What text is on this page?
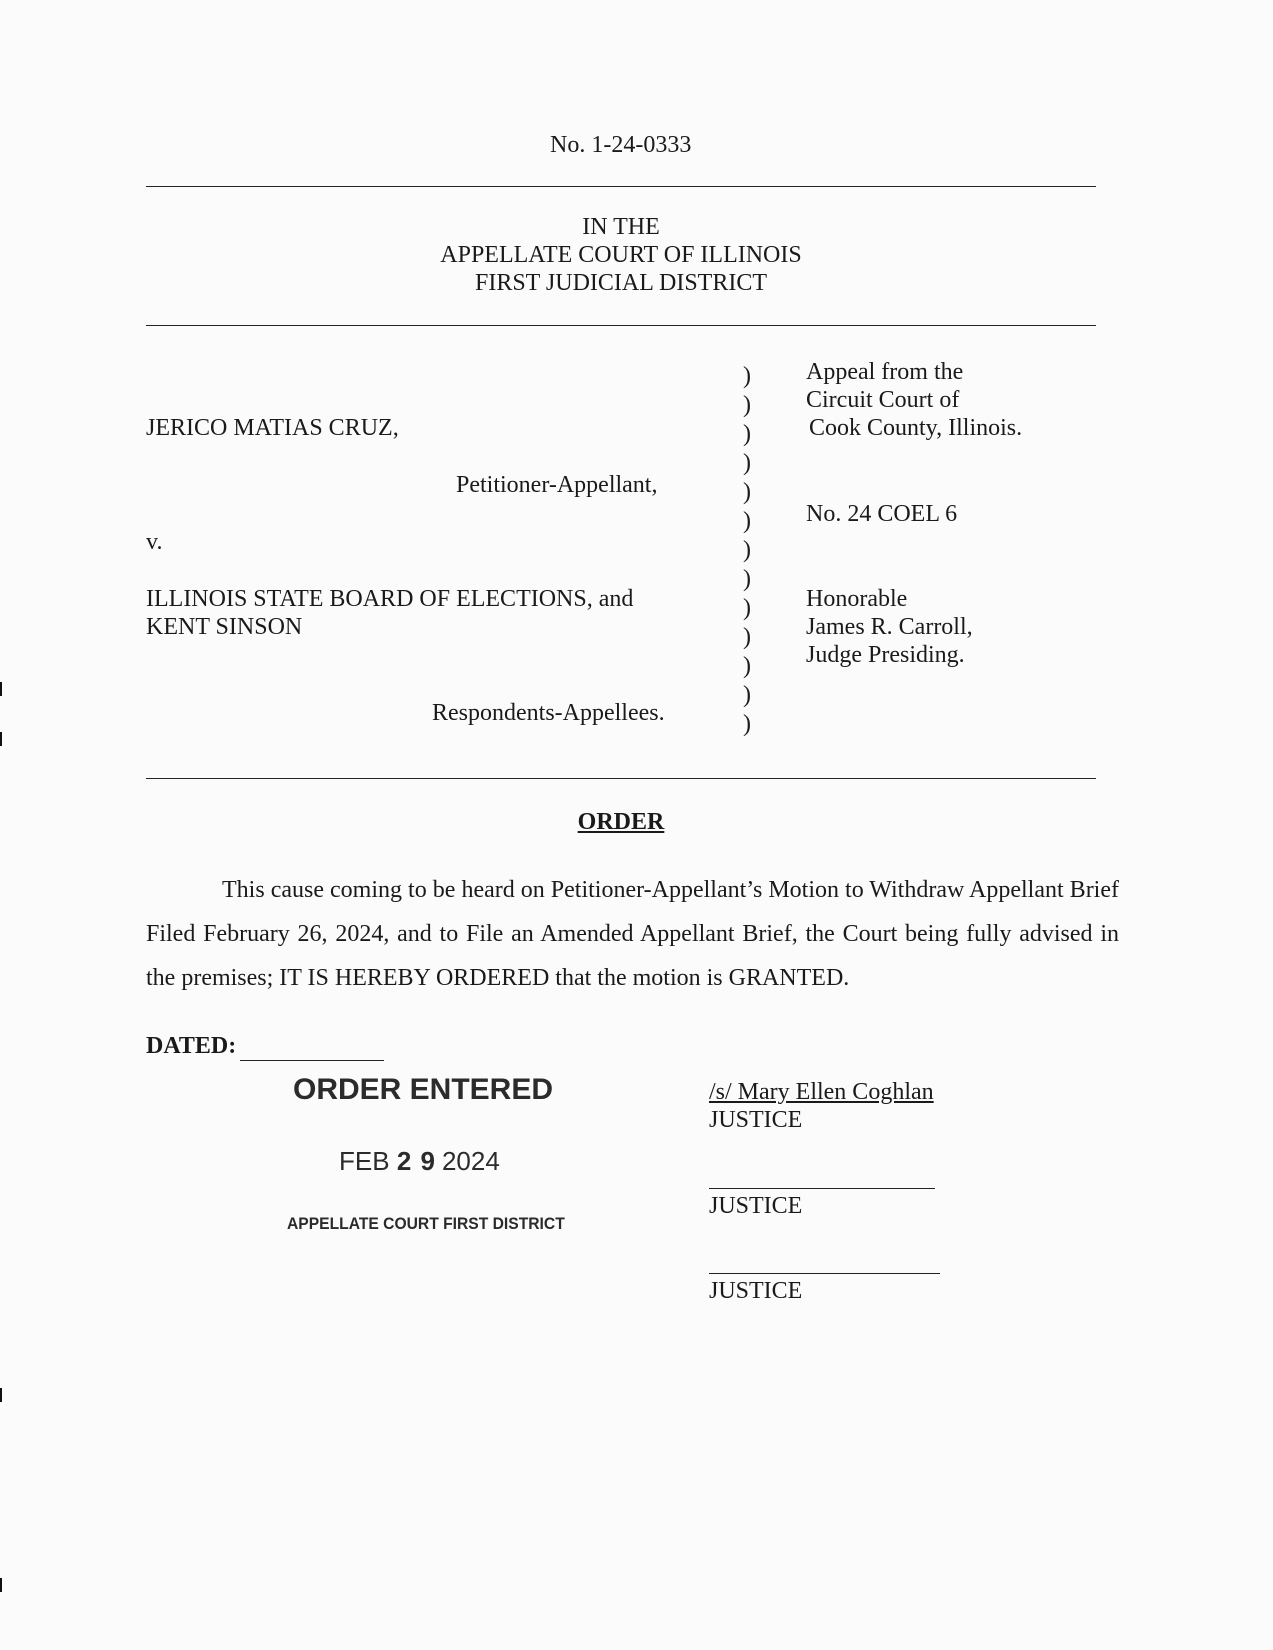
No. 1-24-0333
IN THE
APPELLATE COURT OF ILLINOIS
FIRST JUDICIAL DISTRICT
JERICO MATIAS CRUZ,
Petitioner-Appellant,
v.
ILLINOIS STATE BOARD OF ELECTIONS, and
KENT SINSON
Respondents-Appellees.
)
)
)
)
)
)
)
)
)
)
)
)
)
Appeal from the
Circuit Court of
Cook County, Illinois.
No. 24 COEL 6
Honorable
James R. Carroll,
Judge Presiding.
ORDER
This cause coming to be heard on Petitioner-Appellant’s Motion to Withdraw Appellant Brief Filed February 26, 2024, and to File an Amended Appellant Brief, the Court being fully advised in the premises; IT IS HEREBY ORDERED that the motion is GRANTED.
DATED:
ORDER ENTERED
FEB 2 9 2024
APPELLATE COURT FIRST DISTRICT
/s/ Mary Ellen Coghlan
JUSTICE
JUSTICE
JUSTICE
